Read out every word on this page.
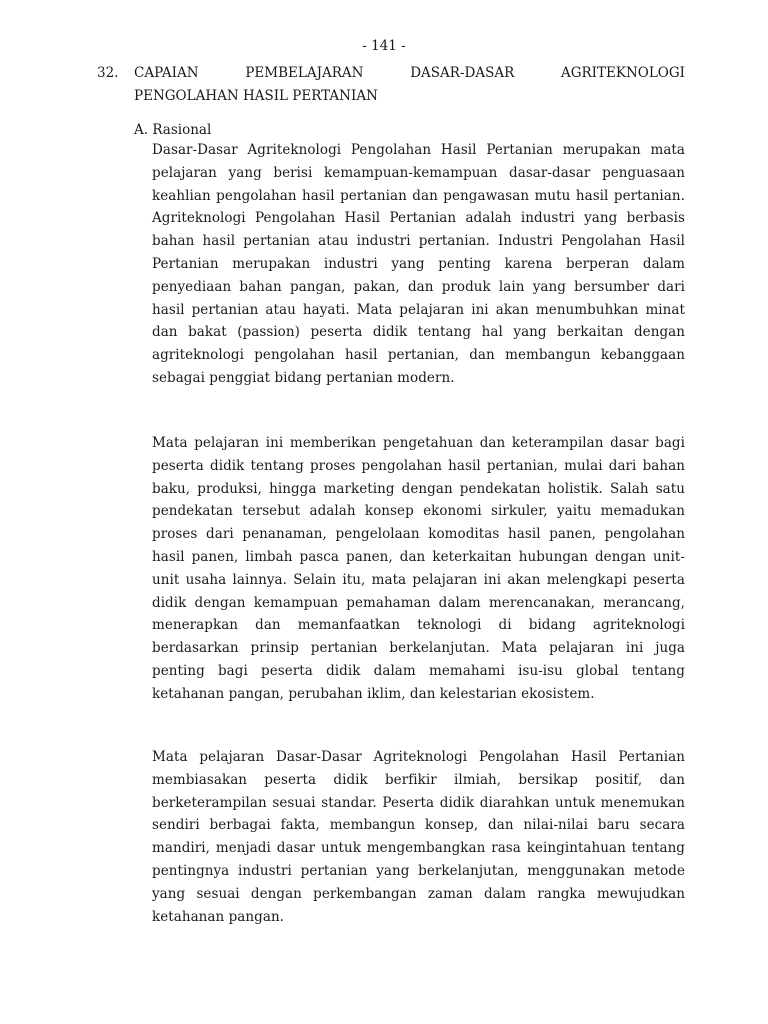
- 141 -
32. CAPAIAN PEMBELAJARAN DASAR-DASAR AGRITEKNOLOGI
PENGOLAHAN HASIL PERTANIAN
A. Rasional

Dasar-Dasar Agriteknologi Pengolahan Hasil Pertanian merupakan mata pelajaran yang berisi kemampuan-kemampuan dasar-dasar penguasaan keahlian pengolahan hasil pertanian dan pengawasan mutu hasil pertanian. Agriteknologi Pengolahan Hasil Pertanian adalah industri yang berbasis bahan hasil pertanian atau industri pertanian. Industri Pengolahan Hasil Pertanian merupakan industri yang penting karena berperan dalam penyediaan bahan pangan, pakan, dan produk lain yang bersumber dari hasil pertanian atau hayati. Mata pelajaran ini akan menumbuhkan minat dan bakat (passion) peserta didik tentang hal yang berkaitan dengan agriteknologi pengolahan hasil pertanian, dan membangun kebanggaan sebagai penggiat bidang pertanian modern.

Mata pelajaran ini memberikan pengetahuan dan keterampilan dasar bagi peserta didik tentang proses pengolahan hasil pertanian, mulai dari bahan baku, produksi, hingga marketing dengan pendekatan holistik. Salah satu pendekatan tersebut adalah konsep ekonomi sirkuler, yaitu memadukan proses dari penanaman, pengelolaan komoditas hasil panen, pengolahan hasil panen, limbah pasca panen, dan keterkaitan hubungan dengan unit- unit usaha lainnya. Selain itu, mata pelajaran ini akan melengkapi peserta didik dengan kemampuan pemahaman dalam merencanakan, merancang, menerapkan dan memanfaatkan teknologi di bidang agriteknologi berdasarkan prinsip pertanian berkelanjutan. Mata pelajaran ini juga penting bagi peserta didik dalam memahami isu-isu global tentang ketahanan pangan, perubahan iklim, dan kelestarian ekosistem.

Mata pelajaran Dasar-Dasar Agriteknologi Pengolahan Hasil Pertanian membiasakan peserta didik berfikir ilmiah, bersikap positif, dan berketerampilan sesuai standar. Peserta didik diarahkan untuk menemukan sendiri berbagai fakta, membangun konsep, dan nilai-nilai baru secara mandiri, menjadi dasar untuk mengembangkan rasa keingintahuan tentang pentingnya industri pertanian yang berkelanjutan, menggunakan metode yang sesuai dengan perkembangan zaman dalam rangka mewujudkan ketahanan pangan.
